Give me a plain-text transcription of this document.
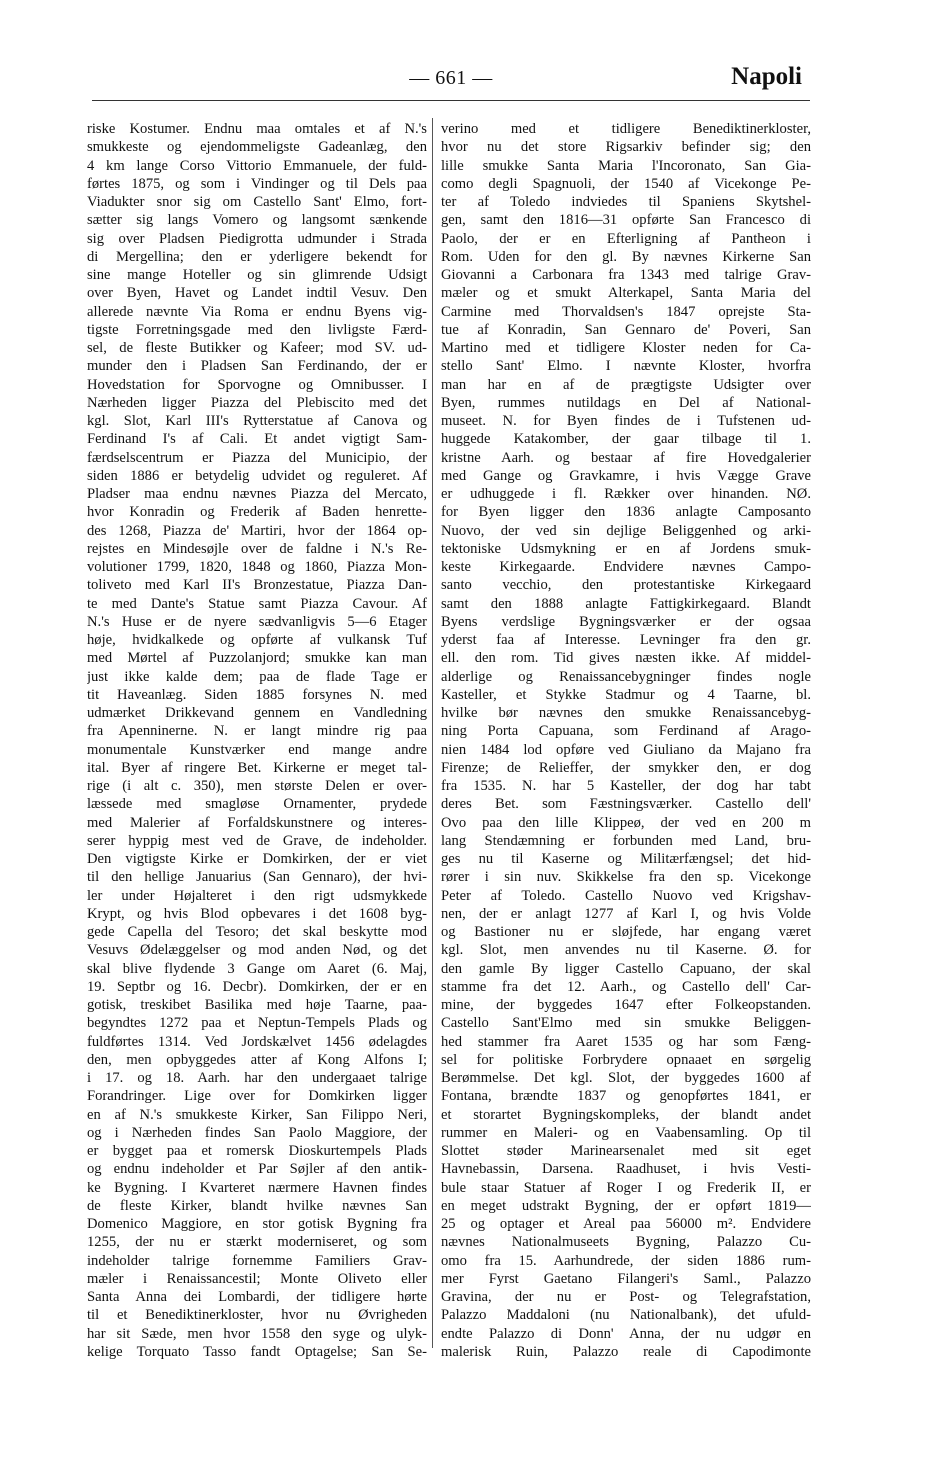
— 661 —	Napoli
riske Kostumer. Endnu maa omtales et af N.'s
smukkeste og ejendommeligste Gadeanlæg, den
4 km lange Corso Vittorio Emmanuele, der fuld-
førtes 1875, og som i Vindinger og til Dels paa
Viadukter snor sig om Castello Sant' Elmo, fort-
sætter sig langs Vomero og langsomt sænkende
sig over Pladsen Piedigrotta udmunder i Strada
di Mergellina; den er yderligere bekendt for
sine mange Hoteller og sin glimrende Udsigt
over Byen, Havet og Landet indtil Vesuv. Den
allerede nævnte Via Roma er endnu Byens vig-
tigste Forretningsgade med den livligste Færd-
sel, de fleste Butikker og Kafeer; mod SV. ud-
munder den i Pladsen San Ferdinando, der er
Hovedstation for Sporvogne og Omnibusser. I
Nærheden ligger Piazza del Plebiscito med det
kgl. Slot, Karl III's Rytterstatue af Canova og
Ferdinand I's af Cali. Et andet vigtigt Sam-
færdselscentrum er Piazza del Municipio, der
siden 1886 er betydelig udvidet og reguleret. Af
Pladser maa endnu nævnes Piazza del Mercato,
hvor Konradin og Frederik af Baden henrette-
des 1268, Piazza de' Martiri, hvor der 1864 op-
rejstes en Mindesøjle over de faldne i N.'s Re-
volutioner 1799, 1820, 1848 og 1860, Piazza Mon-
toliveto med Karl II's Bronzestatue, Piazza Dan-
te med Dante's Statue samt Piazza Cavour. Af
N.'s Huse er de nyere sædvanligvis 5—6 Etager
høje, hvidkalkede og opførte af vulkansk Tuf
med Mørtel af Puzzolanjord; smukke kan man
just ikke kalde dem; paa de flade Tage er
tit Haveanlæg. Siden 1885 forsynes N. med
udmærket Drikkevand gennem en Vandledning
fra Apenninerne. N. er langt mindre rig paa
monumentale Kunstværker end mange andre
ital. Byer af ringere Bet. Kirkerne er meget tal-
rige (i alt c. 350), men største Delen er over-
læssede med smagløse Ornamenter, prydede
med Malerier af Forfaldskunstnere og interes-
serer hyppig mest ved de Grave, de indeholder.
Den vigtigste Kirke er Domkirken, der er viet
til den hellige Januarius (San Gennaro), der hvi-
ler under Højalteret i den rigt udsmykkede
Krypt, og hvis Blod opbevares i det 1608 byg-
gede Capella del Tesoro; det skal beskytte mod
Vesuvs Ødelæggelser og mod anden Nød, og det
skal blive flydende 3 Gange om Aaret (6. Maj,
19. Septbr og 16. Decbr). Domkirken, der er en
gotisk, treskibet Basilika med høje Taarne, paa-
begyndtes 1272 paa et Neptun-Tempels Plads og
fuldførtes 1314. Ved Jordskælvet 1456 ødelagdes
den, men opbyggedes atter af Kong Alfons I;
i 17. og 18. Aarh. har den undergaaet talrige
Forandringer. Lige over for Domkirken ligger
en af N.'s smukkeste Kirker, San Filippo Neri,
og i Nærheden findes San Paolo Maggiore, der
er bygget paa et romersk Dioskurtempels Plads
og endnu indeholder et Par Søjler af den antik-
ke Bygning. I Kvarteret nærmere Havnen findes
de fleste Kirker, blandt hvilke nævnes San
Domenico Maggiore, en stor gotisk Bygning fra
1255, der nu er stærkt moderniseret, og som
indeholder talrige fornemme Familiers Grav-
mæler i Renaissancestil; Monte Oliveto eller
Santa Anna dei Lombardi, der tidligere hørte
til et Benediktinerkloster, hvor nu Øvrigheden
har sit Sæde, men hvor 1558 den syge og ulyk-
kelige Torquato Tasso fandt Optagelse; San Se-
verino med et tidligere Benediktinerkloster,
hvor nu det store Rigsarkiv befinder sig; den
lille smukke Santa Maria l'Incoronato, San Gia-
como degli Spagnuoli, der 1540 af Vicekonge Pe-
ter af Toledo indviedes til Spaniens Skytshel-
gen, samt den 1816—31 opførte San Francesco di
Paolo, der er en Efterligning af Pantheon i
Rom. Uden for den gl. By nævnes Kirkerne San
Giovanni a Carbonara fra 1343 med talrige Grav-
mæler og et smukt Alterkapel, Santa Maria del
Carmine med Thorvaldsen's 1847 oprejste Sta-
tue af Konradin, San Gennaro de' Poveri, San
Martino med et tidligere Kloster neden for Ca-
stello Sant' Elmo. I nævnte Kloster, hvorfra
man har en af de prægtigste Udsigter over
Byen, rummes nutildags en Del af National-
museet. N. for Byen findes de i Tufstenen ud-
huggede Katakomber, der gaar tilbage til 1.
kristne Aarh. og bestaar af fire Hovedgalerier
med Gange og Gravkamre, i hvis Vægge Grave
er udhuggede i fl. Rækker over hinanden. NØ.
for Byen ligger den 1836 anlagte Camposanto
Nuovo, der ved sin dejlige Beliggenhed og arki-
tektoniske Udsmykning er en af Jordens smuk-
keste Kirkegaarde. Endvidere nævnes Campo-
santo vecchio, den protestantiske Kirkegaard
samt den 1888 anlagte Fattigkirkegaard. Blandt
Byens verdslige Bygningsværker er der ogsaa
yderst faa af Interesse. Levninger fra den gr.
ell. den rom. Tid gives næsten ikke. Af middel-
alderlige og Renaissancebygninger findes nogle
Kasteller, et Stykke Stadmur og 4 Taarne, bl.
hvilke bør nævnes den smukke Renaissancebyg-
ning Porta Capuana, som Ferdinand af Arago-
nien 1484 lod opføre ved Giuliano da Majano fra
Firenze; de Relieffer, der smykker den, er dog
fra 1535. N. har 5 Kasteller, der dog har tabt
deres Bet. som Fæstningsværker. Castello dell'
Ovo paa den lille Klippeø, der ved en 200 m
lang Stendæmning er forbunden med Land, bru-
ges nu til Kaserne og Militærfængsel; det hid-
rører i sin nuv. Skikkelse fra den sp. Vicekonge
Peter af Toledo. Castello Nuovo ved Krigshav-
nen, der er anlagt 1277 af Karl I, og hvis Volde
og Bastioner nu er sløjfede, har engang været
kgl. Slot, men anvendes nu til Kaserne. Ø. for
den gamle By ligger Castello Capuano, der skal
stamme fra det 12. Aarh., og Castello dell' Car-
mine, der byggedes 1647 efter Folkeopstanden.
Castello Sant'Elmo med sin smukke Beliggen-
hed stammer fra Aaret 1535 og har som Fæng-
sel for politiske Forbrydere opnaaet en sørgelig
Berømmelse. Det kgl. Slot, der byggedes 1600 af
Fontana, brændte 1837 og genopførtes 1841, er
et storartet Bygningskompleks, der blandt andet
rummer en Maleri- og en Vaabensamling. Op til
Slottet støder Marinearsenalet med sit eget
Havnebassin, Darsena. Raadhuset, i hvis Vesti-
bule staar Statuer af Roger I og Frederik II, er
en meget udstrakt Bygning, der er opført 1819—
25 og optager et Areal paa 56000 m². Endvidere
nævnes Nationalmuseets Bygning, Palazzo Cu-
omo fra 15. Aarhundrede, der siden 1886 rum-
mer Fyrst Gaetano Filangeri's Saml., Palazzo
Gravina, der nu er Post- og Telegrafstation,
Palazzo Maddaloni (nu Nationalbank), det ufuld-
endte Palazzo di Donn' Anna, der nu udgør en
malerisk Ruin, Palazzo reale di Capodimonte
